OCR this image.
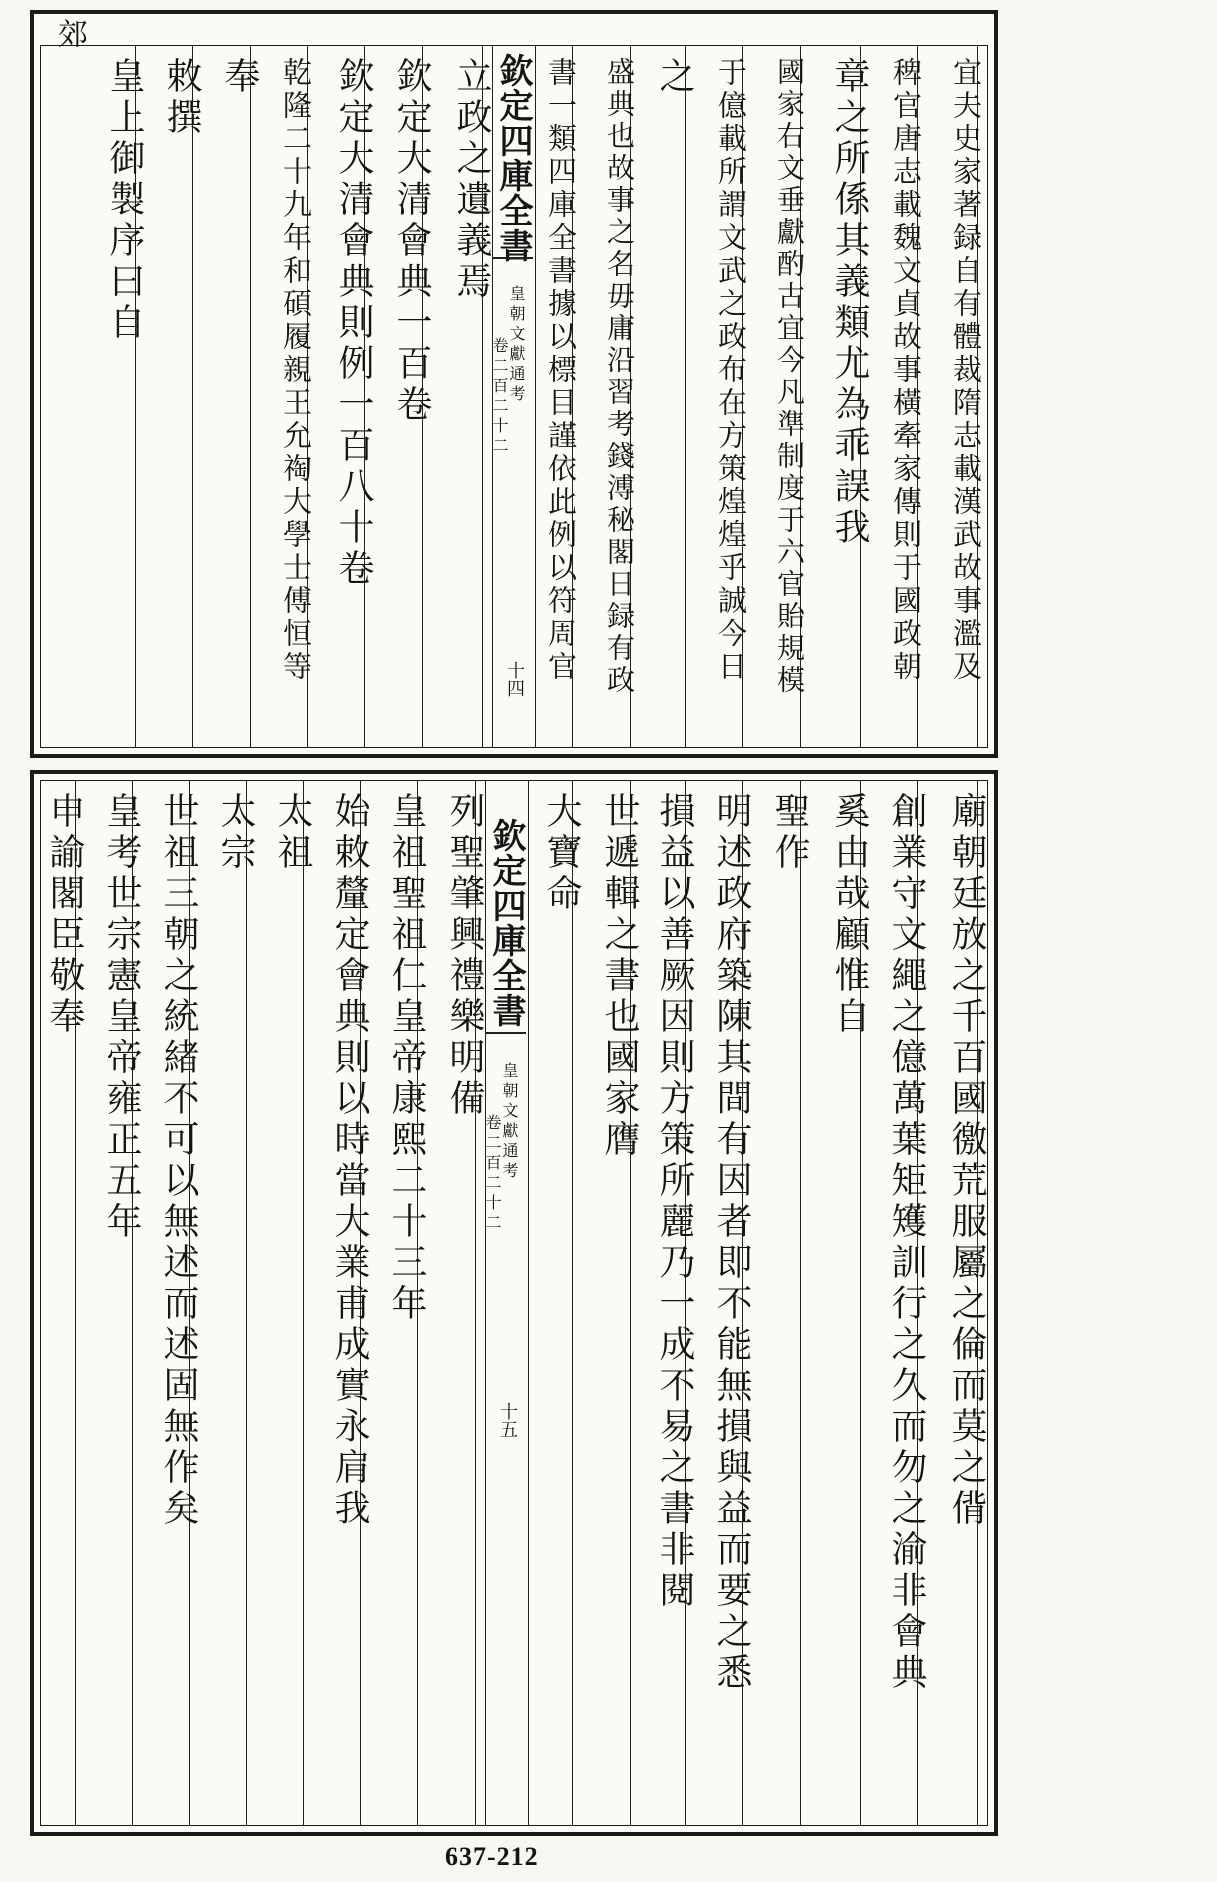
郊
欽定四庫全書
皇朝文獻通考
卷二百二十二
十四	宜夫史家著録自有體裁隋志載漢武故事濫及
稗官唐志載魏文貞故事橫牽家傳則于國政朝
章之所係其義類尤為乖誤我
國家右文垂獻酌古宜今凡準制度于六官貽規模
于億載所謂文武之政布在方策煌煌乎誠今日
之
盛典也故事之名毋庸沿習考錢溥秘閣日録有政
書一類四庫全書據以標目謹依此例以符周官
立政之遺義焉
欽定大清會典一百卷
欽定大清會典則例一百八十卷
乾隆二十九年和碩履親王允祹大學士傅恒等
奉
敕撰
皇上御製序曰自
欽定四庫全書
皇朝文獻通考
卷二百二十二
十五	廟朝廷放之千百國徼荒服屬之倫而莫之偝
創業守文繩之億萬葉矩矱訓行之久而勿之渝非會典
奚由哉顧惟自
聖作
明述政府築陳其間有因者即不能無損與益而要之悉
損益以善厥因則方策所麗乃一成不易之書非閱
世遞輯之書也國家膺
大寶命
列聖肇興禮樂明備
皇祖聖祖仁皇帝康熙二十三年
始敕釐定會典則以時當大業甫成實永肩我
太祖
太宗
世祖三朝之統緒不可以無述而述固無作矣
皇考世宗憲皇帝雍正五年
申諭閣臣敬奉
637-212
